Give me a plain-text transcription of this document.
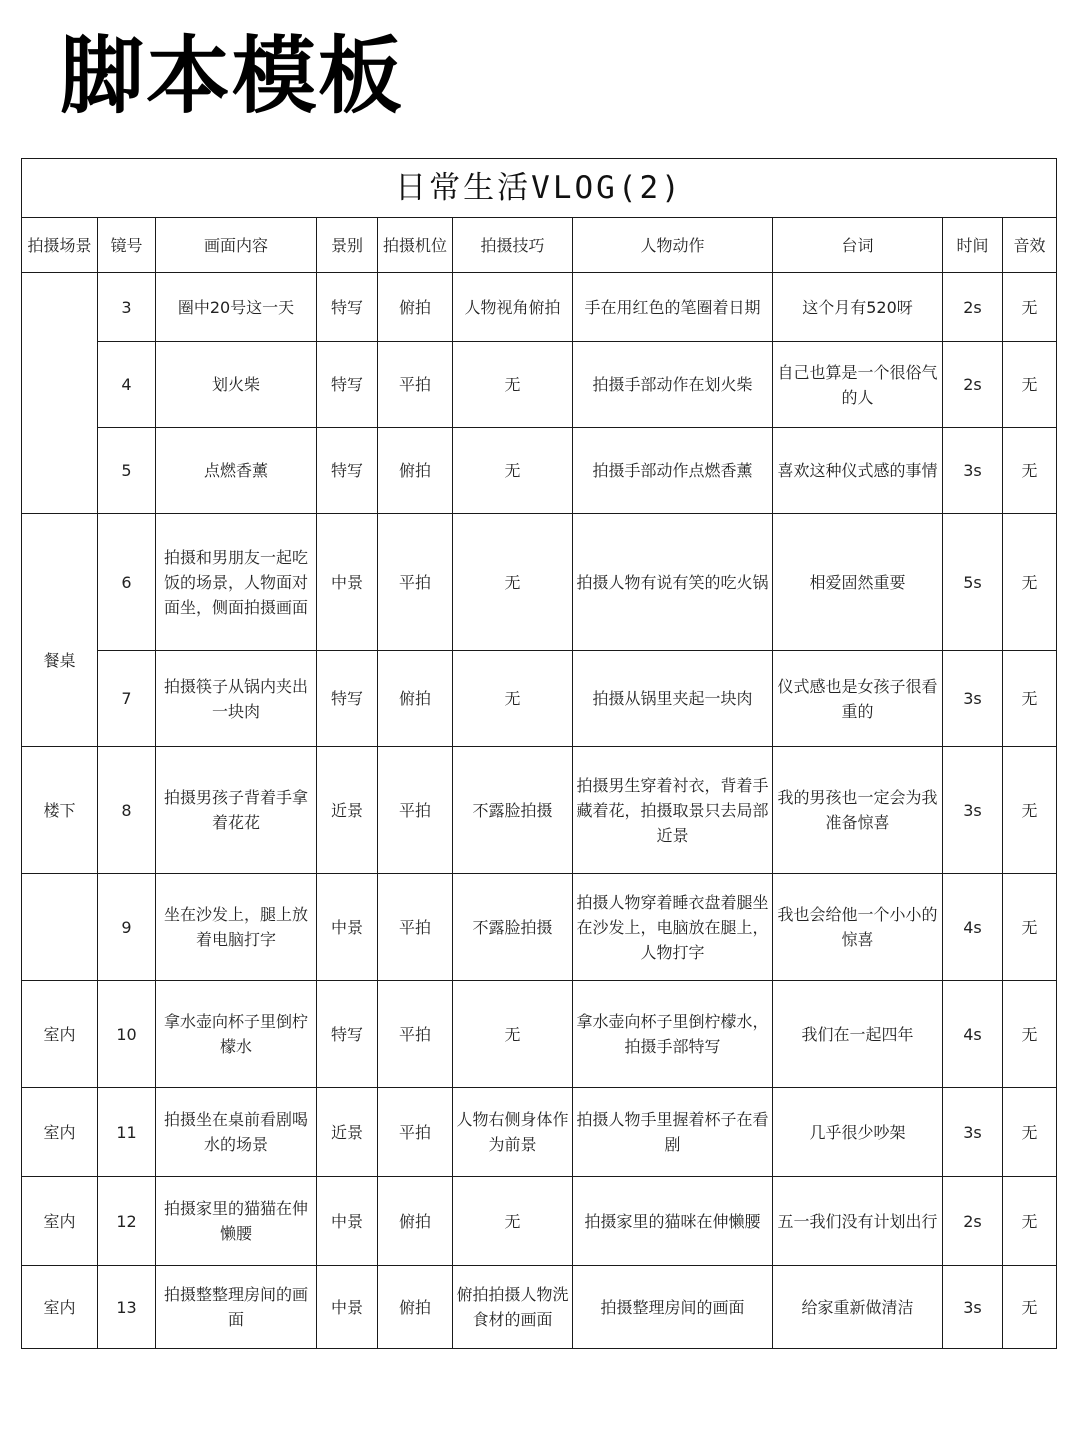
脚本模板
日常生活VLOG(2)									
拍摄场景	镜号	画面内容	景别	拍摄机位	拍摄技巧	人物动作	台词	时间	音效
	3	圈中20号这一天	特写	俯拍	人物视角俯拍	手在用红色的笔圈着日期	这个月有520呀	2s	无
	4	划火柴	特写	平拍	无	拍摄手部动作在划火柴	自己也算是一个很俗气的人	2s	无
	5	点燃香薰	特写	俯拍	无	拍摄手部动作点燃香薰	喜欢这种仪式感的事情	3s	无
餐桌	6	拍摄和男朋友一起吃饭的场景，人物面对面坐，侧面拍摄画面	中景	平拍	无	拍摄人物有说有笑的吃火锅	相爱固然重要	5s	无
	7	拍摄筷子从锅内夹出一块肉	特写	俯拍	无	拍摄从锅里夹起一块肉	仪式感也是女孩子很看重的	3s	无
楼下	8	拍摄男孩子背着手拿着花花	近景	平拍	不露脸拍摄	拍摄男生穿着衬衣，背着手藏着花，拍摄取景只去局部近景	我的男孩也一定会为我准备惊喜	3s	无
	9	坐在沙发上，腿上放着电脑打字	中景	平拍	不露脸拍摄	拍摄人物穿着睡衣盘着腿坐在沙发上，电脑放在腿上，人物打字	我也会给他一个小小的惊喜	4s	无
室内	10	拿水壶向杯子里倒柠檬水	特写	平拍	无	拿水壶向杯子里倒柠檬水，拍摄手部特写	我们在一起四年	4s	无
室内	11	拍摄坐在桌前看剧喝水的场景	近景	平拍	人物右侧身体作为前景	拍摄人物手里握着杯子在看剧	几乎很少吵架	3s	无
室内	12	拍摄家里的猫猫在伸懒腰	中景	俯拍	无	拍摄家里的猫咪在伸懒腰	五一我们没有计划出行	2s	无
室内	13	拍摄整整理房间的画面	中景	俯拍	俯拍拍摄人物洗食材的画面	拍摄整理房间的画面	给家重新做清洁	3s	无
